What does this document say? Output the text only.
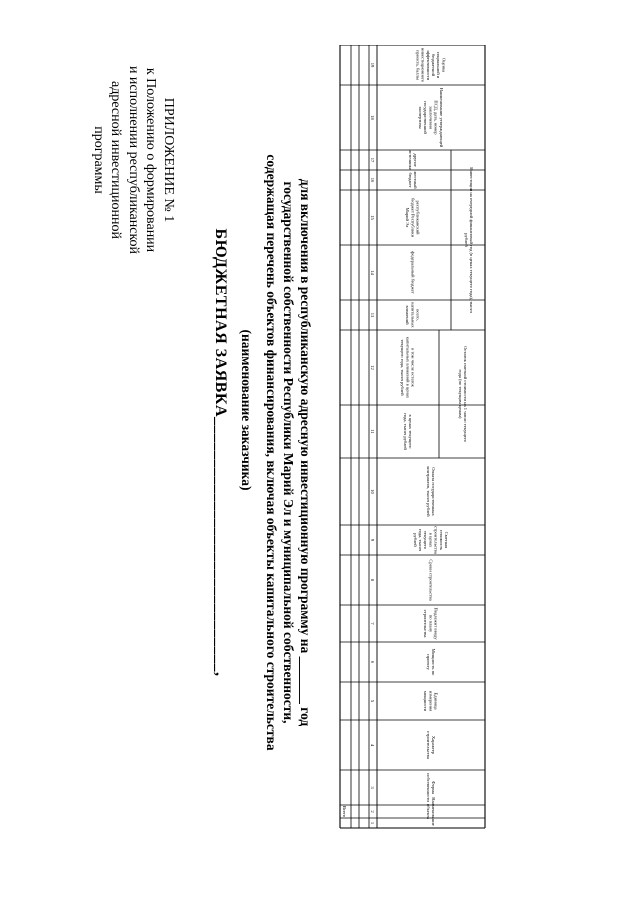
ПРИЛОЖЕНИЕ № 1
к Положению о формировании
и исполнении республиканской
адресной инвестиционной
программы
БЮДЖЕТНАЯ ЗАЯВКА______________________________,
(наименование заказчика) содержащая перечень объектов финансирования, включая объекты капитального строительства государственной собственности Республики Марий Эл и муниципальной собственности, для включения в республиканскую адресную инвестиционную программу на _______ год
19
18
17
16
15
14
13
12
11
10
9
8
7
6
5
4
3
2
1
Всего
Оценка
социальной и
бюджетной
эффективности
инвестиционного
проекта, баллы
Наименование утверждающей
ПСД, дата, номер
заключения
государственной
экспертизы
другие
источники
местный
бюджет
республиканский
бюджет Республики
Марий Эл
федеральный бюджет
всего,
капитальных
вложений
Оплата государственных
контрактов, тысяч рублей
Сметная
стоимость
строительства
в ценах
текущего
года, тысяч
рублей
Сроки строительства
Подлежит вводу
по плану
строительства
Мощность по
проекту
Единица
измерения
мощности
Характер
строительства
Форма
собственности
Наименование
объекта
Остаток сметной стоимости на 1 число текущего
года (по текущим ценам)
в ценах текущего
года, тысяч рублей
в том числе остаток
капитальных вложений в ценах
текущего года, тысяч рублей
Инвестиции на очередной финансовый год (в ценах текущего года), тысяч
рублей
